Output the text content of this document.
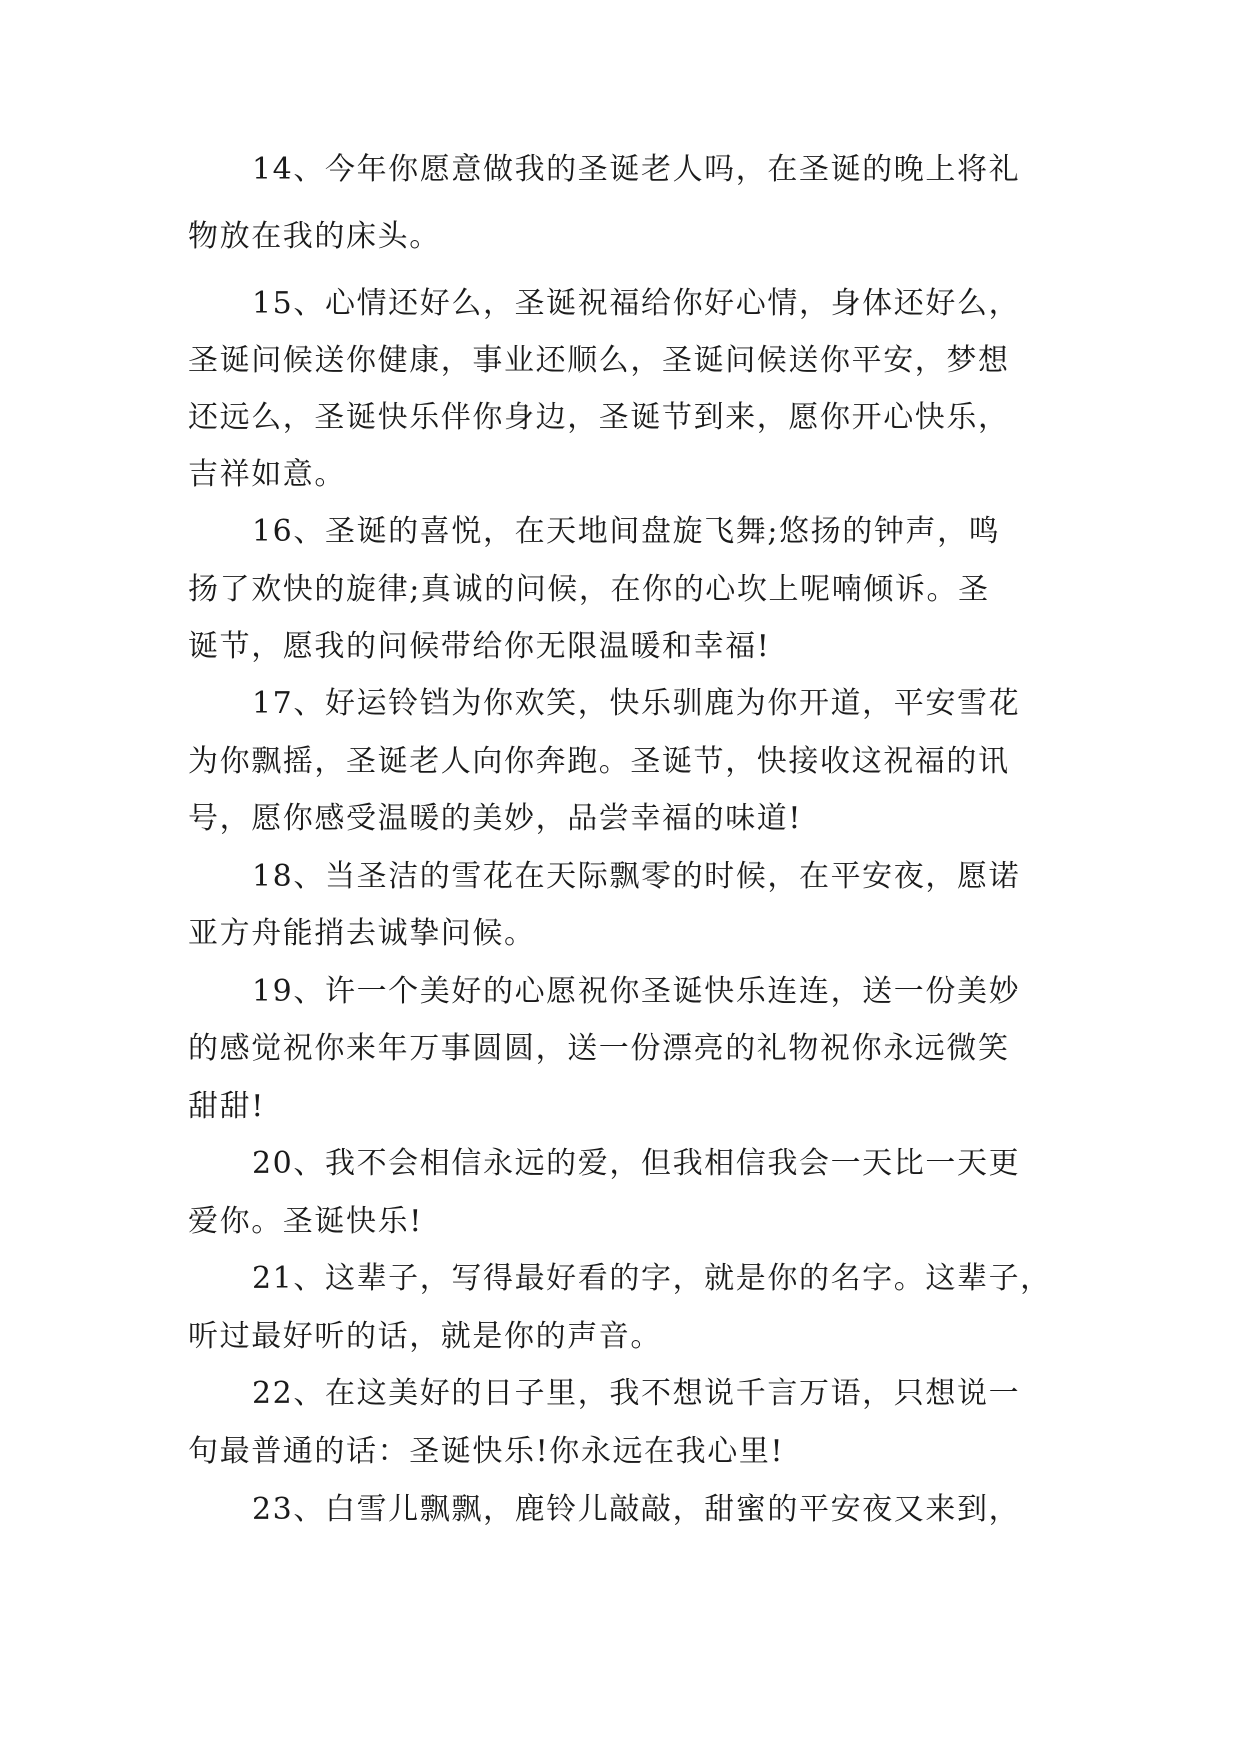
14、今年你愿意做我的圣诞老人吗，在圣诞的晚上将礼
物放在我的床头。
15、心情还好么，圣诞祝福给你好心情，身体还好么，
圣诞问候送你健康，事业还顺么，圣诞问候送你平安，梦想
还远么，圣诞快乐伴你身边，圣诞节到来，愿你开心快乐，
吉祥如意。
16、圣诞的喜悦，在天地间盘旋飞舞;悠扬的钟声，鸣
扬了欢快的旋律;真诚的问候，在你的心坎上呢喃倾诉。圣
诞节，愿我的问候带给你无限温暖和幸福!
17、好运铃铛为你欢笑，快乐驯鹿为你开道，平安雪花
为你飘摇，圣诞老人向你奔跑。圣诞节，快接收这祝福的讯
号，愿你感受温暖的美妙，品尝幸福的味道!
18、当圣洁的雪花在天际飘零的时候，在平安夜，愿诺
亚方舟能捎去诚挚问候。
19、许一个美好的心愿祝你圣诞快乐连连，送一份美妙
的感觉祝你来年万事圆圆，送一份漂亮的礼物祝你永远微笑
甜甜!
20、我不会相信永远的爱，但我相信我会一天比一天更
爱你。圣诞快乐!
21、这辈子，写得最好看的字，就是你的名字。这辈子，
听过最好听的话，就是你的声音。
22、在这美好的日子里，我不想说千言万语，只想说一
句最普通的话：圣诞快乐!你永远在我心里!
23、白雪儿飘飘，鹿铃儿敲敲，甜蜜的平安夜又来到，
